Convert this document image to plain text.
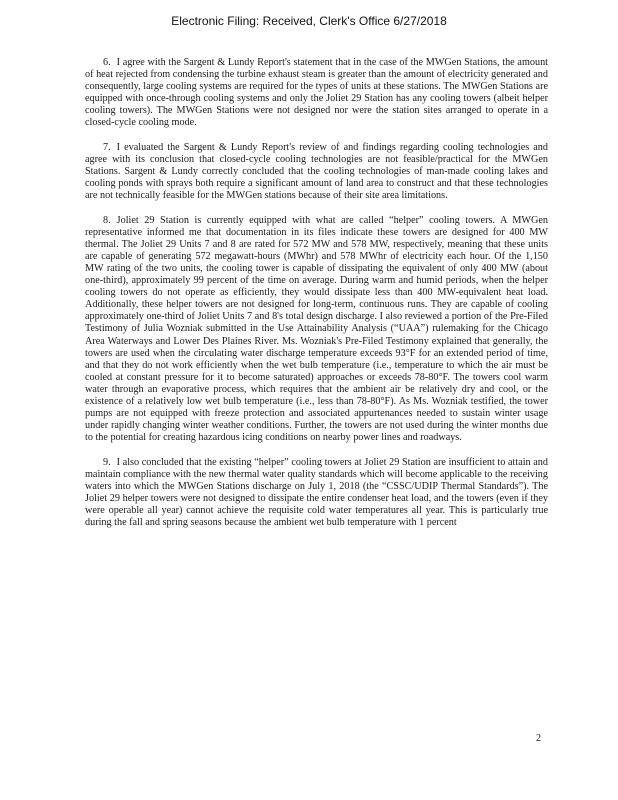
Electronic Filing: Received, Clerk's Office 6/27/2018

6. I agree with the Sargent & Lundy Report's statement that in the case of the MWGen Stations, the amount of heat rejected from condensing the turbine exhaust steam is greater than the amount of electricity generated and consequently, large cooling systems are required for the types of units at these stations. The MWGen Stations are equipped with once-through cooling systems and only the Joliet 29 Station has any cooling towers (albeit helper cooling towers). The MWGen Stations were not designed nor were the station sites arranged to operate in a closed-cycle cooling mode.

7. I evaluated the Sargent & Lundy Report's review of and findings regarding cooling technologies and agree with its conclusion that closed-cycle cooling technologies are not feasible/practical for the MWGen Stations. Sargent & Lundy correctly concluded that the cooling technologies of man-made cooling lakes and cooling ponds with sprays both require a significant amount of land area to construct and that these technologies are not technically feasible for the MWGen stations because of their site area limitations.

8. Joliet 29 Station is currently equipped with what are called “helper” cooling towers. A MWGen representative informed me that documentation in its files indicate these towers are designed for 400 MW thermal. The Joliet 29 Units 7 and 8 are rated for 572 MW and 578 MW, respectively, meaning that these units are capable of generating 572 megawatt-hours (MWhr) and 578 MWhr of electricity each hour. Of the 1,150 MW rating of the two units, the cooling tower is capable of dissipating the equivalent of only 400 MW (about one-third), approximately 99 percent of the time on average. During warm and humid periods, when the helper cooling towers do not operate as efficiently, they would dissipate less than 400 MW-equivalent heat load. Additionally, these helper towers are not designed for long-term, continuous runs. They are capable of cooling approximately one-third of Joliet Units 7 and 8's total design discharge. I also reviewed a portion of the Pre-Filed Testimony of Julia Wozniak submitted in the Use Attainability Analysis (“UAA”) rulemaking for the Chicago Area Waterways and Lower Des Plaines River. Ms. Wozniak's Pre-Filed Testimony explained that generally, the towers are used when the circulating water discharge temperature exceeds 93°F for an extended period of time, and that they do not work efficiently when the wet bulb temperature (i.e., temperature to which the air must be cooled at constant pressure for it to become saturated) approaches or exceeds 78-80°F. The towers cool warm water through an evaporative process, which requires that the ambient air be relatively dry and cool, or the existence of a relatively low wet bulb temperature (i.e., less than 78-80°F). As Ms. Wozniak testified, the tower pumps are not equipped with freeze protection and associated appurtenances needed to sustain winter usage under rapidly changing winter weather conditions. Further, the towers are not used during the winter months due to the potential for creating hazardous icing conditions on nearby power lines and roadways.

9. I also concluded that the existing “helper” cooling towers at Joliet 29 Station are insufficient to attain and maintain compliance with the new thermal water quality standards which will become applicable to the receiving waters into which the MWGen Stations discharge on July 1, 2018 (the “CSSC/UDIP Thermal Standards”). The Joliet 29 helper towers were not designed to dissipate the entire condenser heat load, and the towers (even if they were operable all year) cannot achieve the requisite cold water temperatures all year. This is particularly true during the fall and spring seasons because the ambient wet bulb temperature with 1 percent

2
